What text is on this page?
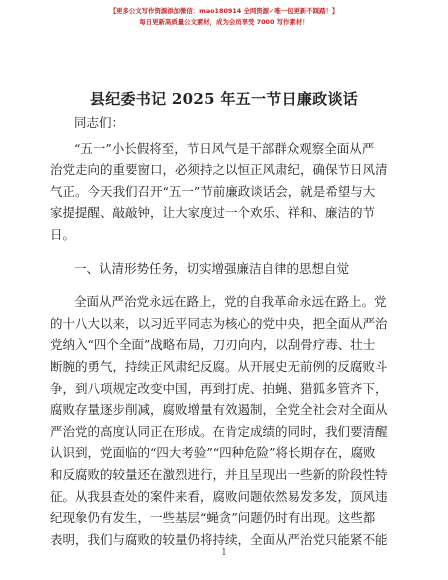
【更多公文写作资源添加微信：mao180914 全网资源✓唯一包更新不踩踏！】
每日更新高质量公文素材，成为会员享受 7000 写作素材！
县纪委书记 2025 年五一节日廉政谈话

同志们：

“五一”小长假将至，节日风气是干部群众观察全面从严
治党走向的重要窗口，必须持之以恒正风肃纪，确保节日风清
气正。今天我们召开“五一”节前廉政谈话会，就是希望与大
家提提醒、敲敲钟，让大家度过一个欢乐、祥和、廉洁的节
日。

一、认清形势任务，切实增强廉洁自律的思想自觉

全面从严治党永远在路上，党的自我革命永远在路上。党
的十八大以来，以习近平同志为核心的党中央，把全面从严治
党纳入“四个全面”战略布局，刀刃向内，以刮骨疗毒、壮士
断腕的勇气，持续正风肃纪反腐。从开展史无前例的反腐败斗
争，到八项规定改变中国，再到打虎、拍蝇、猎狐多管齐下，
腐败存量逐步削减，腐败增量有效遏制，全党全社会对全面从
严治党的高度认同正在形成。在肯定成绩的同时，我们要清醒
认识到，党面临的“四大考验”“四种危险”将长期存在，腐败
和反腐败的较量还在激烈进行，并且呈现出一些新的阶段性特
征。从我县查处的案件来看，腐败问题依然易发多发，顶风违
纪现象仍有发生，一些基层“蝇贪”问题仍时有出现。这些都
表明，我们与腐败的较量仍将持续，全面从严治党只能紧不能

1
